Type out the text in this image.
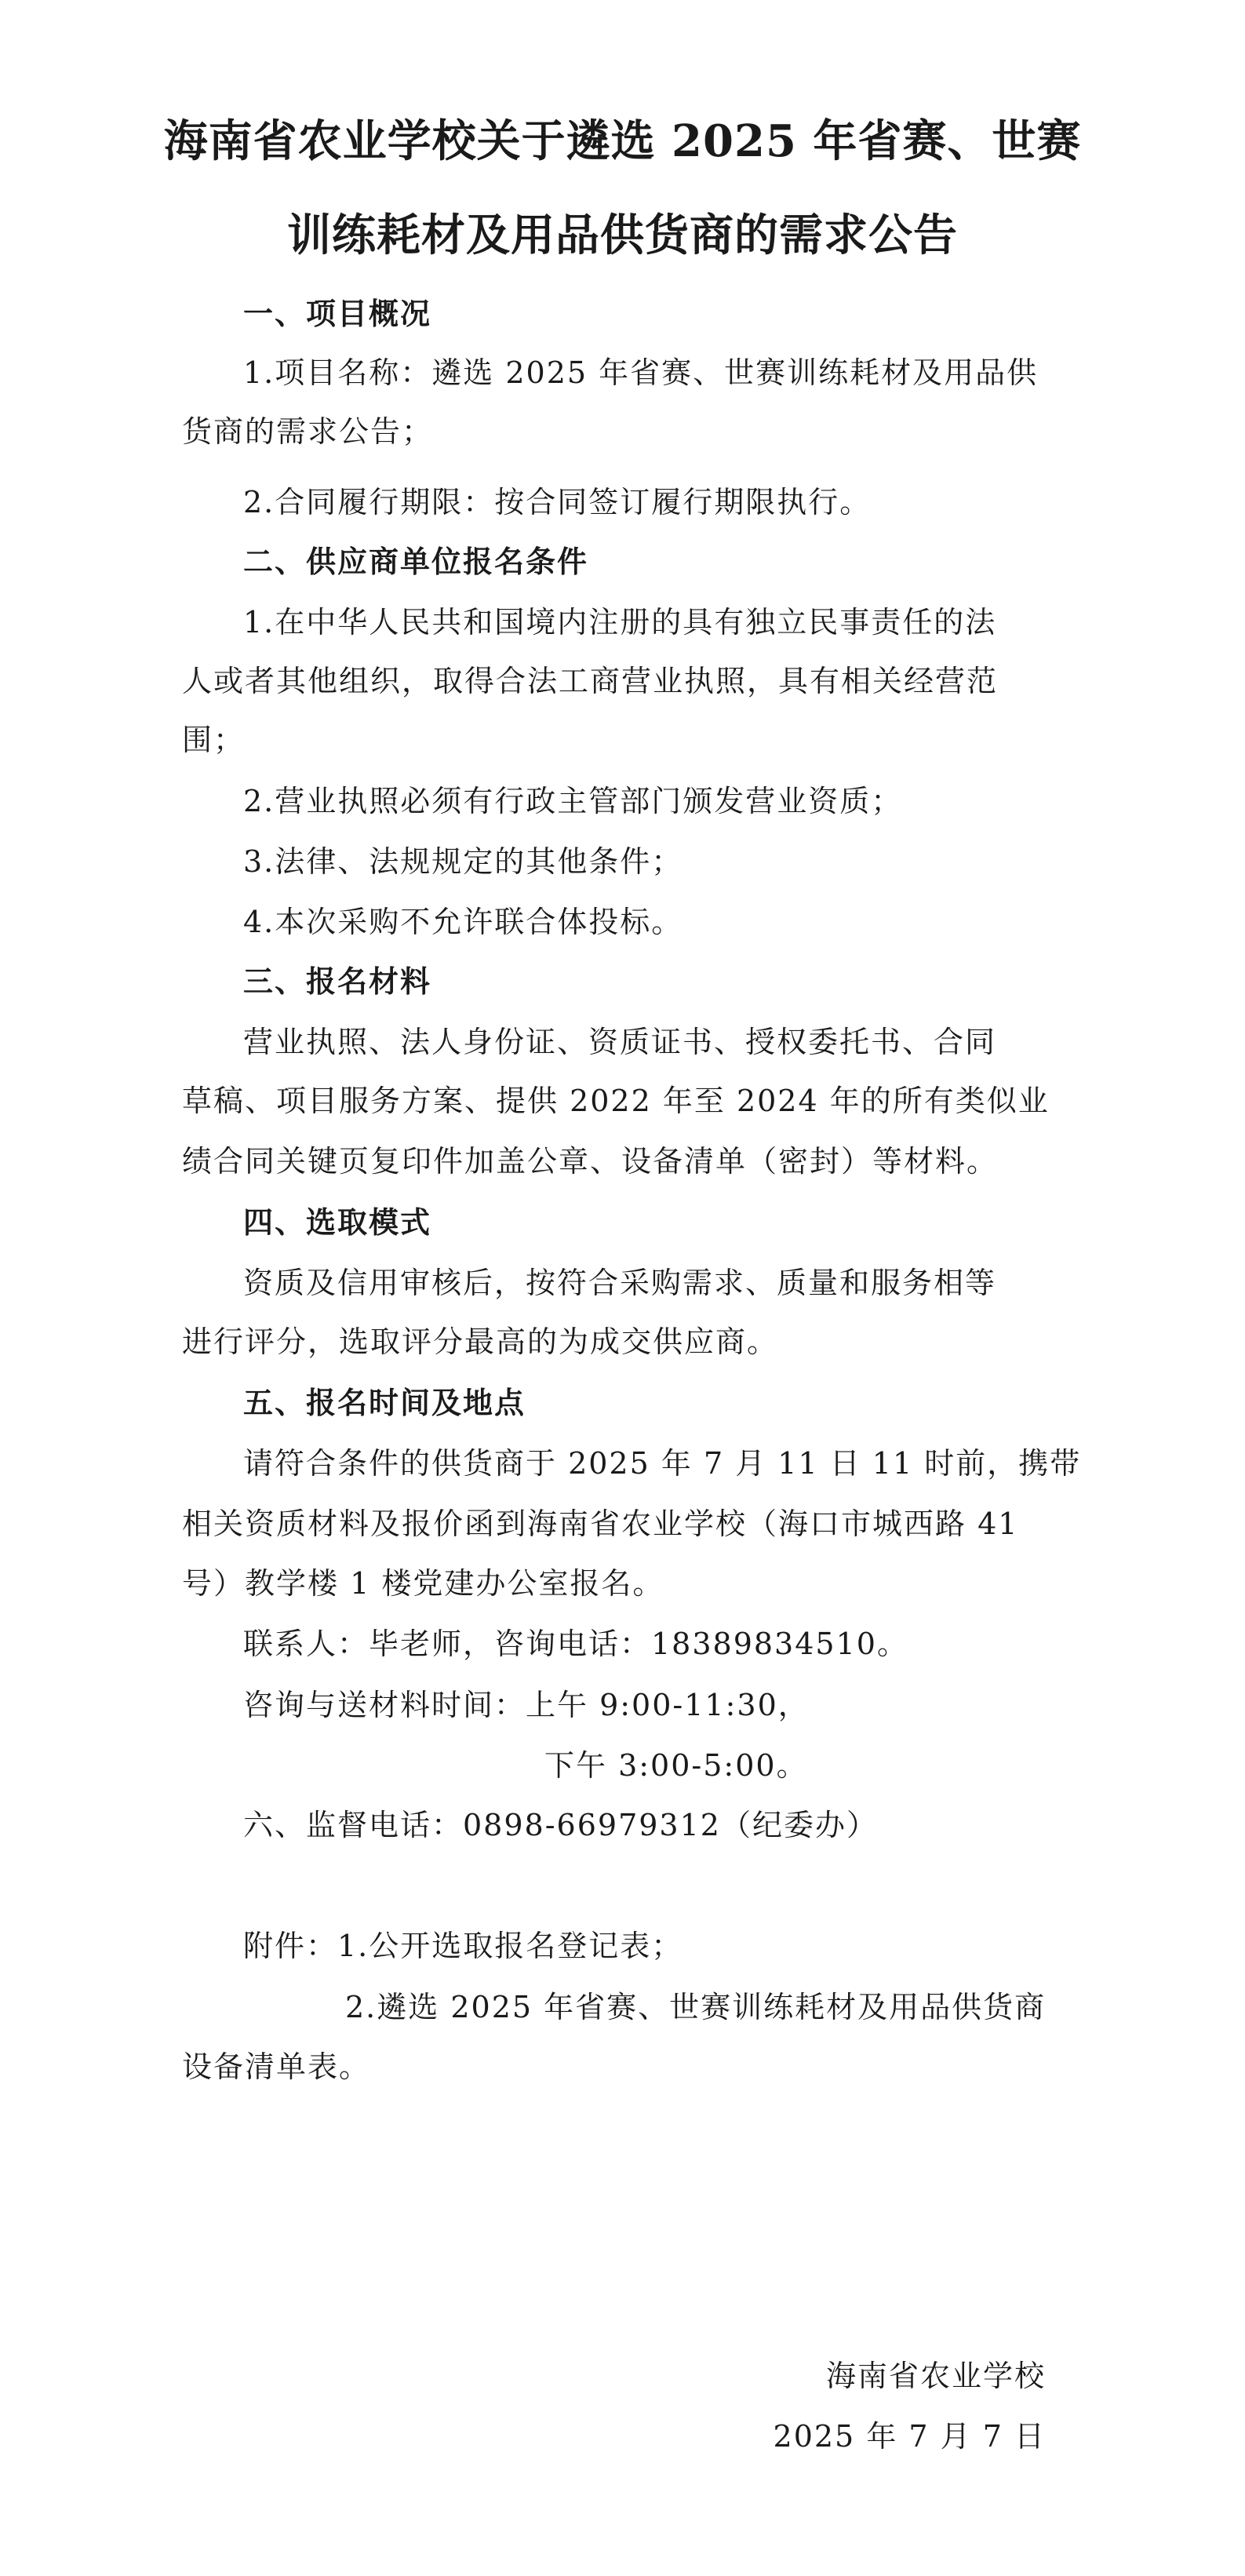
海南省农业学校关于遴选 2025 年省赛、世赛
训练耗材及用品供货商的需求公告
一、项目概况
1.项目名称：遴选 2025 年省赛、世赛训练耗材及用品供
货商的需求公告；
2.合同履行期限：按合同签订履行期限执行。
二、供应商单位报名条件
1.在中华人民共和国境内注册的具有独立民事责任的法
人或者其他组织，取得合法工商营业执照，具有相关经营范
围；
2.营业执照必须有行政主管部门颁发营业资质；
3.法律、法规规定的其他条件；
4.本次采购不允许联合体投标。
三、报名材料
营业执照、法人身份证、资质证书、授权委托书、合同
草稿、项目服务方案、提供 2022 年至 2024 年的所有类似业
绩合同关键页复印件加盖公章、设备清单（密封）等材料。
四、选取模式
资质及信用审核后，按符合采购需求、质量和服务相等
进行评分，选取评分最高的为成交供应商。
五、报名时间及地点
请符合条件的供货商于 2025 年 7 月 11 日 11 时前，携带
相关资质材料及报价函到海南省农业学校（海口市城西路 41
号）教学楼 1 楼党建办公室报名。
联系人：毕老师，咨询电话：18389834510。
咨询与送材料时间：上午 9:00-11:30，
下午 3:00-5:00。
六、监督电话：0898-66979312（纪委办）
附件：1.公开选取报名登记表；
2.遴选 2025 年省赛、世赛训练耗材及用品供货商
设备清单表。
海南省农业学校
2025 年 7 月 7 日
